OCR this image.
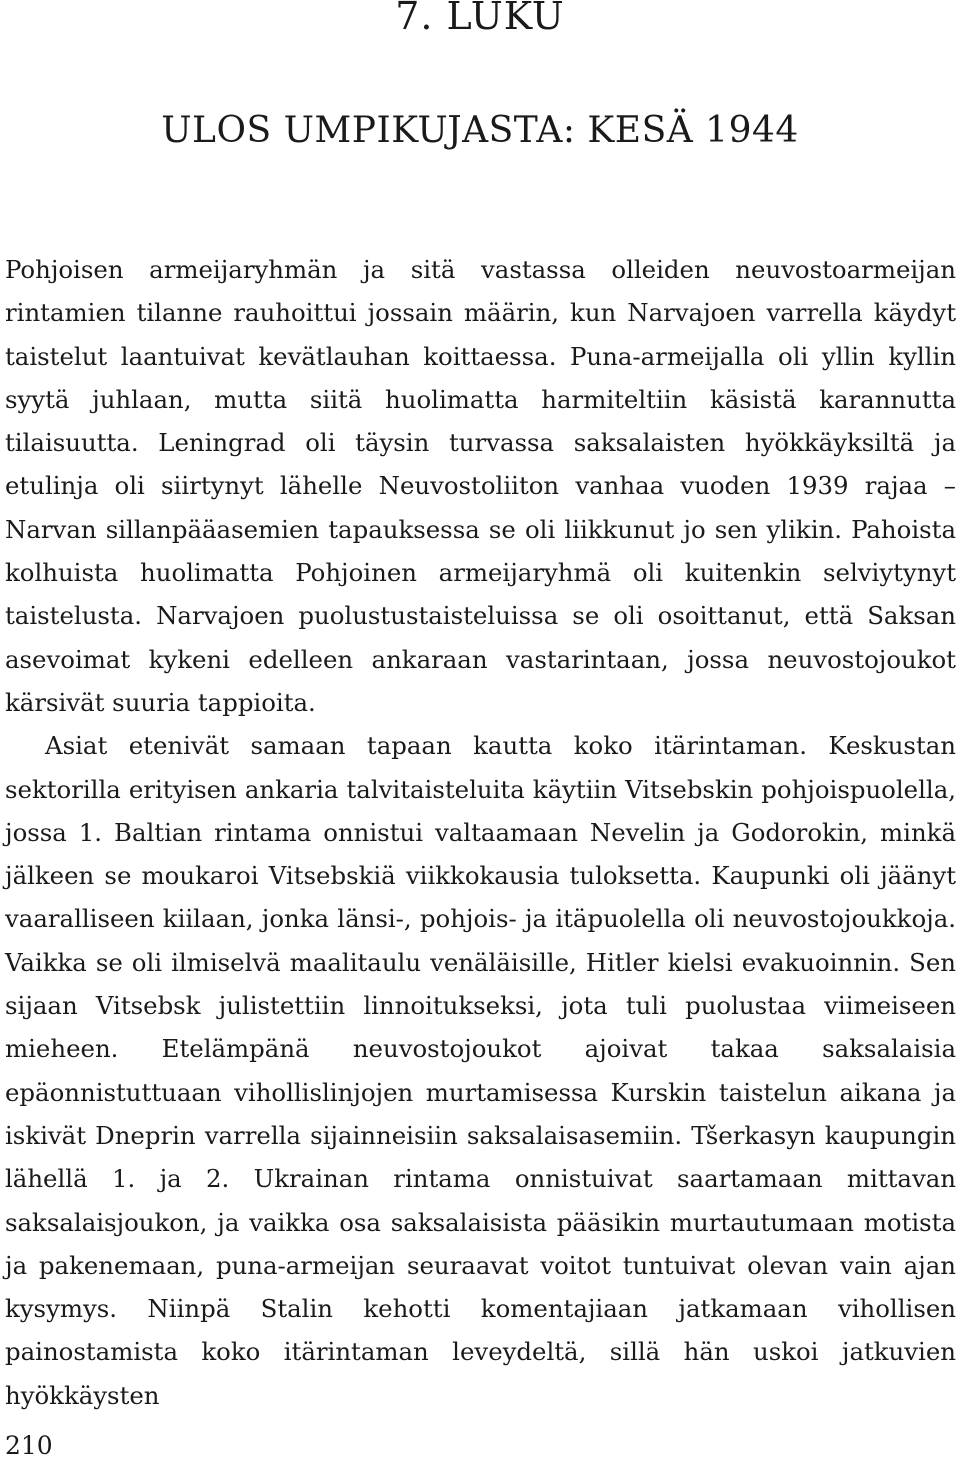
7. LUKU
ULOS UMPIKUJASTA: KESÄ 1944

Pohjoisen armeijaryhmän ja sitä vastassa olleiden neuvostoarmeijan rintamien tilanne rauhoittui jossain määrin, kun Narvajoen varrella käydyt taistelut laantuivat kevätlauhan koittaessa. Puna-armeijalla oli yllin kyllin syytä juhlaan, mutta siitä huolimatta harmiteltiin käsistä karannutta tilaisuutta. Leningrad oli täysin turvassa saksalaisten hyökkäyksiltä ja etulinja oli siirtynyt lähelle Neuvostoliiton vanhaa vuoden 1939 rajaa – Narvan sillanpääasemien tapauksessa se oli liikkunut jo sen ylikin. Pahoista kolhuista huolimatta Pohjoinen armeijaryhmä oli kuitenkin selviytynyt taistelusta. Narvajoen puolustustaisteluissa se oli osoittanut, että Saksan asevoimat kykeni edelleen ankaraan vastarintaan, jossa neuvostojoukot kärsivät suuria tappioita.

Asiat etenivät samaan tapaan kautta koko itärintaman. Keskustan sektorilla erityisen ankaria talvitaisteluita käytiin Vitsebskin pohjoispuolella, jossa 1. Baltian rintama onnistui valtaamaan Nevelin ja Godorokin, minkä jälkeen se moukaroi Vitsebskiä viikkokausia tuloksetta. Kaupunki oli jäänyt vaaralliseen kiilaan, jonka länsi-, pohjois- ja itäpuolella oli neuvostojoukkoja. Vaikka se oli ilmiselvä maalitaulu venäläisille, Hitler kielsi evakuoinnin. Sen sijaan Vitsebsk julistettiin linnoitukseksi, jota tuli puolustaa viimeiseen mieheen. Etelämpänä neuvostojoukot ajoivat takaa saksalaisia epäonnistuttuaan vihollislinjojen murtamisessa Kurskin taistelun aikana ja iskivät Dneprin varrella sijainneisiin saksalaisasemiin. Tšerkasyn kaupungin lähellä 1. ja 2. Ukrainan rintama onnistuivat saartamaan mittavan saksalaisjoukon, ja vaikka osa saksalaisista pääsikin murtautumaan motista ja pakenemaan, puna-armeijan seuraavat voitot tuntuivat olevan vain ajan kysymys. Niinpä Stalin kehotti komentajiaan jatkamaan vihollisen painostamista koko itärintaman leveydeltä, sillä hän uskoi jatkuvien hyökkäysten

210
